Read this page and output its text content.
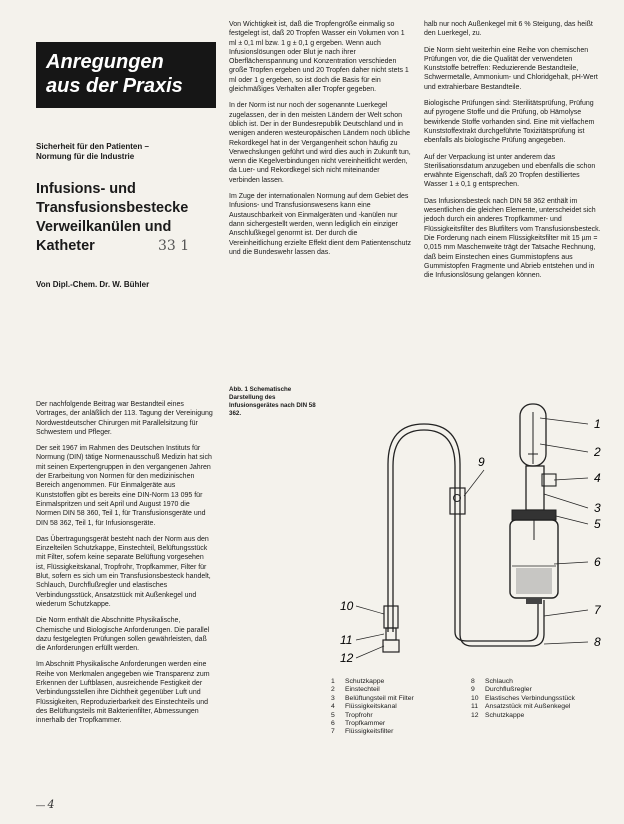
Anregungen
aus der Praxis
Sicherheit für den Patienten –
Normung für die Industrie
Infusions- und
Transfusionsbestecke
Verweilkanülen und
Katheter	33 1
Von Dipl.-Chem. Dr. W. Bühler

Der nachfolgende Beitrag war Bestandteil eines Vortrages, der anläßlich der 113. Tagung der Vereinigung Nordwestdeutscher Chirurgen mit Parallelsitzung für Schwestern und Pfleger.

Der seit 1967 im Rahmen des Deutschen Instituts für Normung (DIN) tätige Normenausschuß Medizin hat sich mit seinen Expertengruppen in den vergangenen Jahren der Erarbeitung von Normen für den medizinischen Bereich angenommen. Für Einmalgeräte aus Kunststoffen gibt es bereits eine DIN-Norm 13 095 für Einmalspritzen und seit April und August 1970 die Normen DIN 58 360, Teil 1, für Transfusionsgeräte und DIN 58 362, Teil 1, für Infusionsgeräte.

Das Übertragungsgerät besteht nach der Norm aus den Einzelteilen Schutzkappe, Einstechteil, Belüftungsstück mit Filter, sofern keine separate Belüftung vorgesehen ist, Flüssigkeitskanal, Tropfrohr, Tropfkammer, Filter für Blut, sofern es sich um ein Transfusionsbesteck handelt, Schlauch, Durchflußregler und elastisches Verbindungsstück, Ansatzstück mit Außenkegel und wiederum Schutzkappe.

Die Norm enthält die Abschnitte Physikalische, Chemische und Biologische Anforderungen. Die parallel dazu festgelegten Prüfungen sollen gewährleisten, daß die Anforderungen erfüllt werden.

Im Abschnitt Physikalische Anforderungen werden eine Reihe von Merkmalen angegeben wie Transparenz zum Erkennen der Luftblasen, ausreichende Festigkeit der Verbindungsstellen ihre Dichtheit gegenüber Luft und Flüssigkeiten, Reproduzierbarkeit des Einstechteils und des Belüftungsteils mit Bakterienfilter, Abmessungen innerhalb der Tropfkammer.

Von Wichtigkeit ist, daß die Tropfengröße einmalig so festgelegt ist, daß 20 Tropfen Wasser ein Volumen von 1 ml ± 0,1 ml bzw. 1 g ± 0,1 g ergeben. Wenn auch Infusionslösungen oder Blut je nach ihrer Oberflächenspannung und Konzentration verschieden große Tropfen ergeben und 20 Tropfen daher nicht stets 1 ml oder 1 g ergeben, so ist doch die Basis für ein gleichmäßiges Verhalten aller Tropfer gegeben.

In der Norm ist nur noch der sogenannte Luerkegel zugelassen, der in den meisten Ländern der Welt schon üblich ist. Der in der Bundesrepublik Deutschland und in wenigen anderen westeuropäischen Ländern noch übliche Rekordkegel hat in der Vergangenheit schon häufig zu Verwechslungen geführt und wird dies auch in Zukunft tun, wenn die Kegelverbindungen nicht vereinheitlicht werden, da Luer- und Rekordkegel sich nicht miteinander verbinden lassen.

Im Zuge der internationalen Normung auf dem Gebiet des Infusions- und Transfusionswesens kann eine Austauschbarkeit von Einmalgeräten und -kanülen nur dann sichergestellt werden, wenn lediglich ein einziger Anschlußkegel genormt ist. Der durch die Vereinheitlichung erzielte Effekt dient dem Patientenschutz und die Bundeswehr lassen das.

halb nur noch Außenkegel mit 6 % Steigung, das heißt den Luerkegel, zu.

Die Norm sieht weiterhin eine Reihe von chemischen Prüfungen vor, die die Qualität der verwendeten Kunststoffe betreffen: Reduzierende Bestandteile, Schwermetalle, Ammonium- und Chloridgehalt, pH-Wert und extrahierbare Bestandteile.

Biologische Prüfungen sind: Sterilitätsprüfung, Prüfung auf pyrogene Stoffe und die Prüfung, ob Hämolyse bewirkende Stoffe vorhanden sind. Eine mit vielfachem Kunststoffextrakt durchgeführte Toxizitätsprüfung ist ebenfalls als biologische Prüfung angegeben.

Auf der Verpackung ist unter anderem das Sterilisationsdatum anzugeben und ebenfalls die schon erwähnte Eigenschaft, daß 20 Tropfen destilliertes Wasser 1 ± 0,1 g entsprechen.

Das Infusionsbesteck nach DIN 58 362 enthält im wesentlichen die gleichen Elemente, unterscheidet sich jedoch durch ein anderes Tropfkammer- und Flüssigkeitsfilter des Blutfilters vom Transfusionsbesteck. Die Forderung nach einem Flüssigkeitsfilter mit 15 µm = 0,015 mm Maschenweite trägt der Tatsache Rechnung, daß beim Einstechen eines Gummistopfens aus Gummistopfen Fragmente und Abrieb entstehen und in die Infusionslösung gelangen können.

Abb. 1 Schematische Darstellung des Infusionsgerätes nach DIN 58 362.
1
2
3
4
5
6
7
8
9
10
11
12
1	Schutzkappe
2	Einstechteil
3	Belüftungsteil mit Filter
4	Flüssigkeitskanal
5	Tropfrohr
6	Tropfkammer
7	Flüssigkeitsfilter
8	Schlauch
9	Durchflußregler
10 Elastisches Verbindungsstück
11	Ansatzstück mit Außenkegel
12 Schutzkappe
— 4
